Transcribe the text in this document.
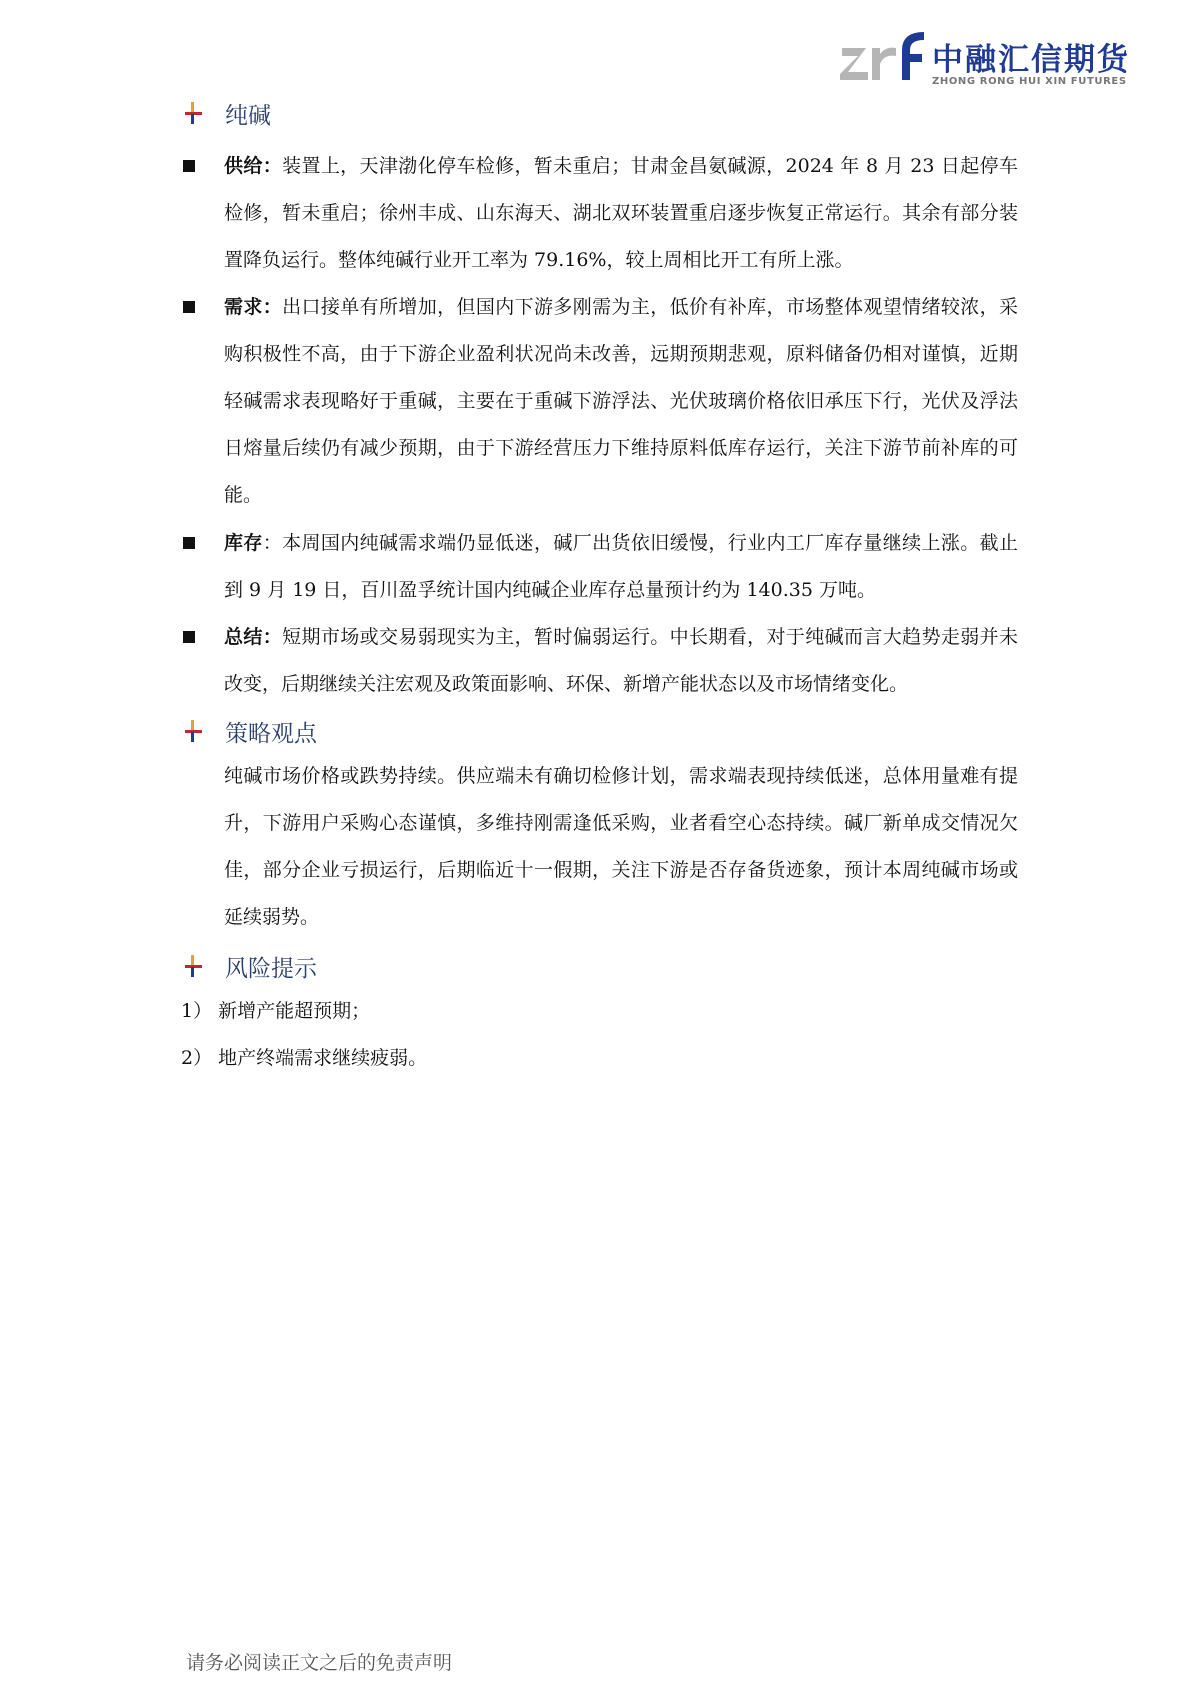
中融汇信期货
ZHONG RONG HUI XIN FUTURES
纯碱

供给：装置上，天津渤化停车检修，暂未重启；甘肃金昌氨碱源，2024 年 8 月 23 日起停车检修，暂未重启；徐州丰成、山东海天、湖北双环装置重启逐步恢复正常运行。其余有部分装置降负运行。整体纯碱行业开工率为 79.16%，较上周相比开工有所上涨。

需求：出口接单有所增加，但国内下游多刚需为主，低价有补库，市场整体观望情绪较浓，采购积极性不高，由于下游企业盈利状况尚未改善，远期预期悲观，原料储备仍相对谨慎，近期轻碱需求表现略好于重碱，主要在于重碱下游浮法、光伏玻璃价格依旧承压下行，光伏及浮法日熔量后续仍有减少预期，由于下游经营压力下维持原料低库存运行，关注下游节前补库的可能。

库存：本周国内纯碱需求端仍显低迷，碱厂出货依旧缓慢，行业内工厂库存量继续上涨。截止到 9 月 19 日，百川盈孚统计国内纯碱企业库存总量预计约为 140.35 万吨。

总结：短期市场或交易弱现实为主，暂时偏弱运行。中长期看，对于纯碱而言大趋势走弱并未改变，后期继续关注宏观及政策面影响、环保、新增产能状态以及市场情绪变化。

策略观点

纯碱市场价格或跌势持续。供应端未有确切检修计划，需求端表现持续低迷，总体用量难有提升，下游用户采购心态谨慎，多维持刚需逢低采购，业者看空心态持续。碱厂新单成交情况欠佳，部分企业亏损运行，后期临近十一假期，关注下游是否存备货迹象，预计本周纯碱市场或延续弱势。

风险提示
1） 新增产能超预期；
2） 地产终端需求继续疲弱。
请务必阅读正文之后的免责声明
